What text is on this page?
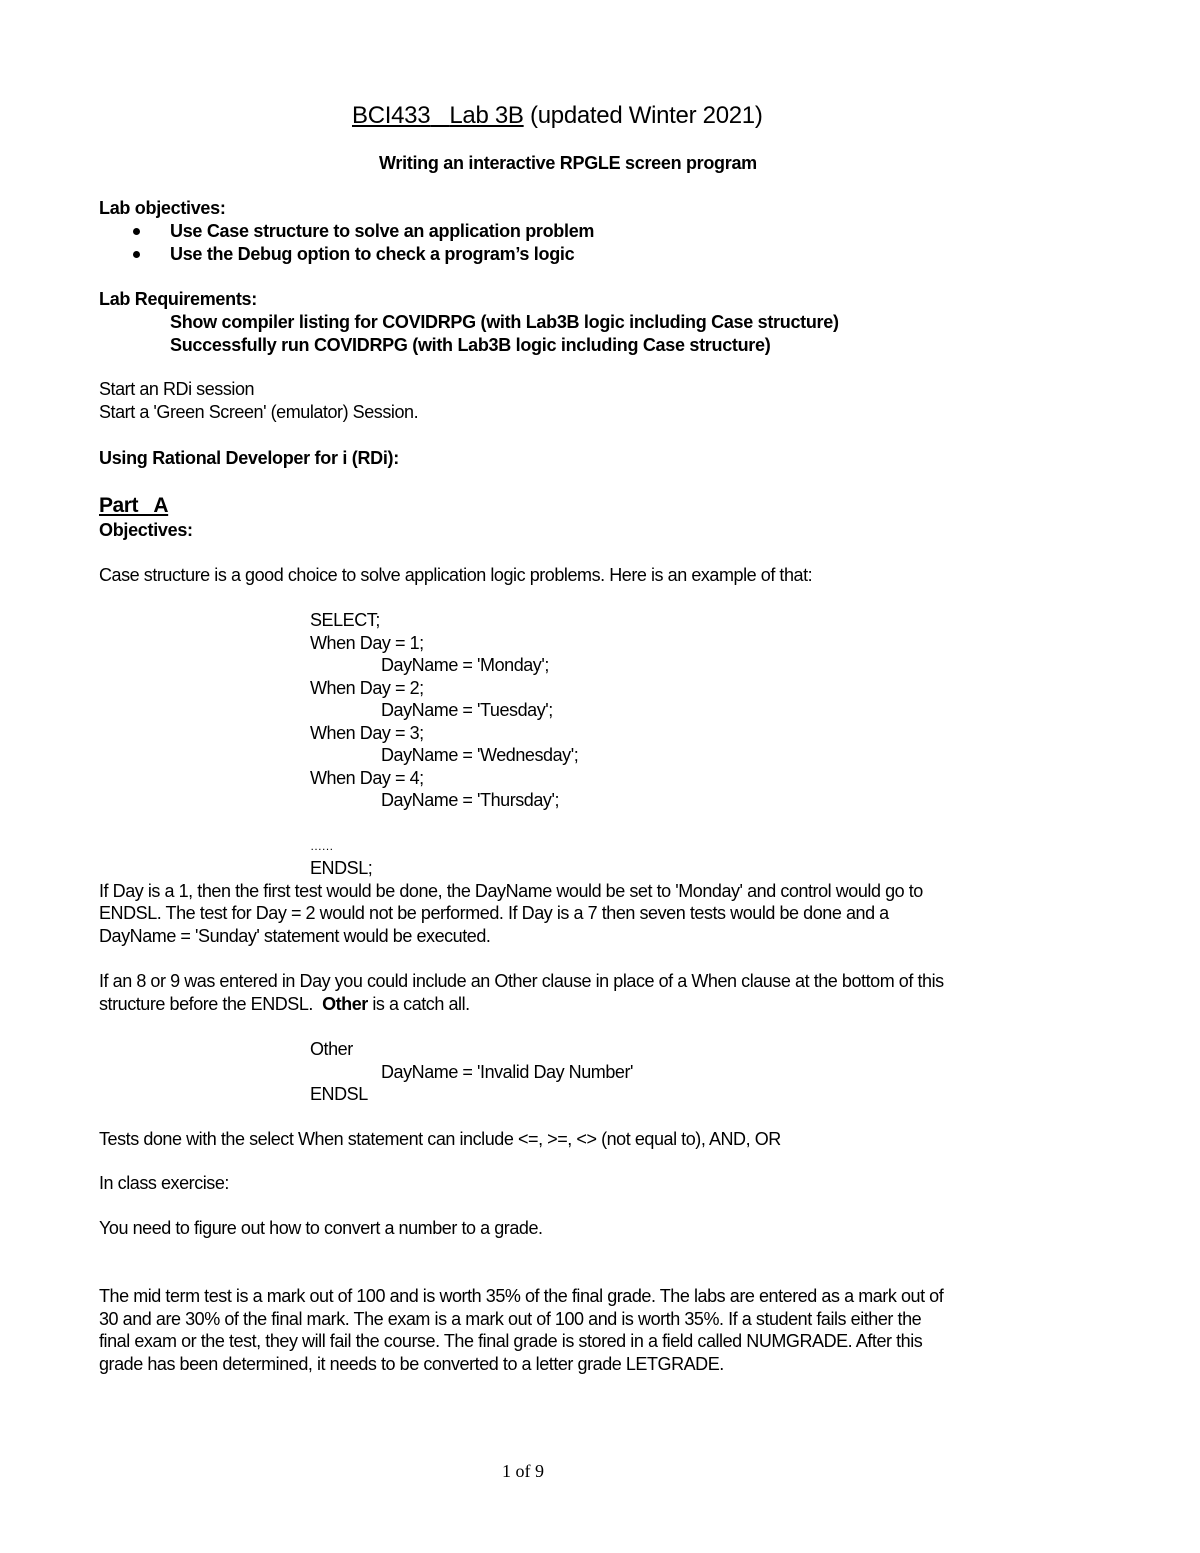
BCI433 Lab 3B (updated Winter 2021)
Writing an interactive RPGLE screen program
Lab objectives:
Use Case structure to solve an application problem
Use the Debug option to check a program’s logic
Lab Requirements:
Show compiler listing for COVIDRPG (with Lab3B logic including Case structure)
Successfully run COVIDRPG (with Lab3B logic including Case structure)
Start an RDi session
Start a 'Green Screen' (emulator) Session.
Using Rational Developer for i (RDi):
Part   A
Objectives:
Case structure is a good choice to solve application logic problems. Here is an example of that:
SELECT;
When Day = 1;
DayName = 'Monday';
When Day = 2;
DayName = 'Tuesday';
When Day = 3;
DayName = 'Wednesday';
When Day = 4;
DayName = 'Thursday';
……
ENDSL;
If Day is a 1, then the first test would be done, the DayName would be set to 'Monday' and control would go to
ENDSL. The test for Day = 2 would not be performed. If Day is a 7 then seven tests would be done and a
DayName = 'Sunday' statement would be executed.
If an 8 or 9 was entered in Day you could include an Other clause in place of a When clause at the bottom of this
structure before the ENDSL.  Other is a catch all.
Other
DayName = 'Invalid Day Number'
ENDSL
Tests done with the select When statement can include <=, >=, <> (not equal to), AND, OR
In class exercise:
You need to figure out how to convert a number to a grade.
The mid term test is a mark out of 100 and is worth 35% of the final grade. The labs are entered as a mark out of
30 and are 30% of the final mark. The exam is a mark out of 100 and is worth 35%. If a student fails either the
final exam or the test, they will fail the course. The final grade is stored in a field called NUMGRADE. After this
grade has been determined, it needs to be converted to a letter grade LETGRADE.
1 of 9
